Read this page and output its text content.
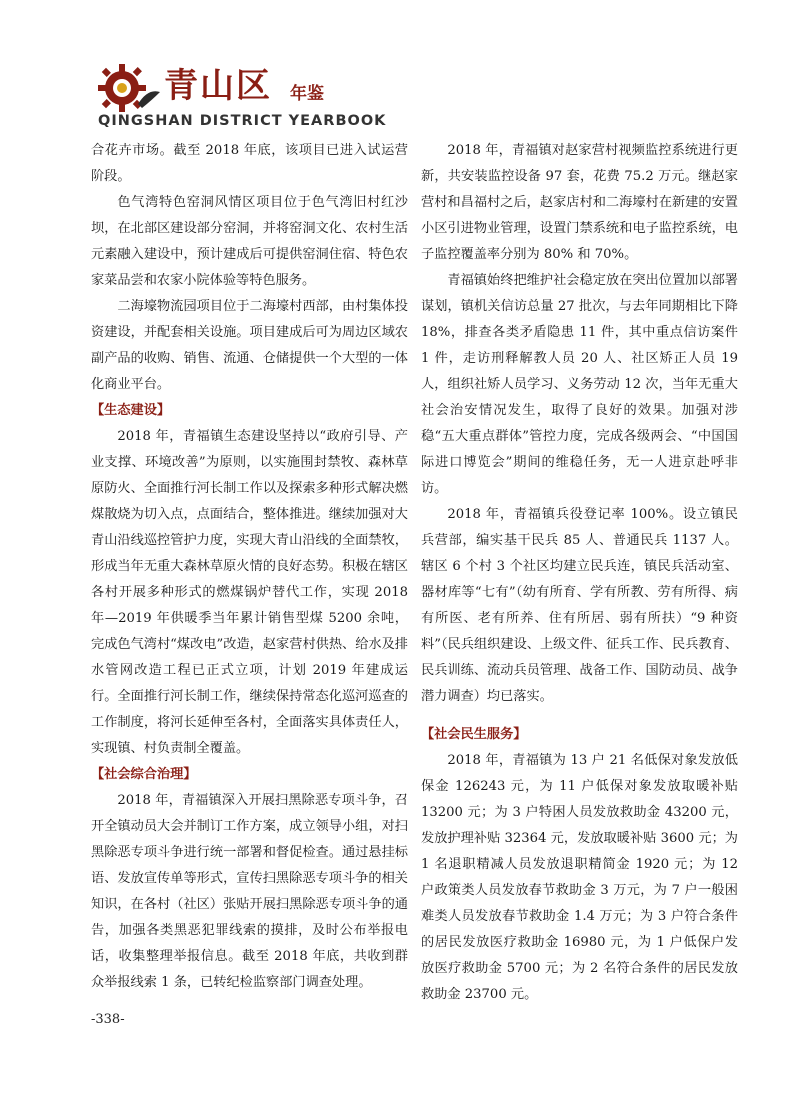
青山区 年鉴
QINGSHAN DISTRICT YEARBOOK

合花卉市场。截至 2018 年底，该项目已进入试运营阶段。

色气湾特色窑洞风情区项目位于色气湾旧村红沙坝，在北部区建设部分窑洞，并将窑洞文化、农村生活元素融入建设中，预计建成后可提供窑洞住宿、特色农家菜品尝和农家小院体验等特色服务。

二海壕物流园项目位于二海壕村西部，由村集体投资建设，并配套相关设施。项目建成后可为周边区域农副产品的收购、销售、流通、仓储提供一个大型的一体化商业平台。

【生态建设】

2018 年，青福镇生态建设坚持以“政府引导、产业支撑、环境改善”为原则，以实施围封禁牧、森林草原防火、全面推行河长制工作以及探索多种形式解决燃煤散烧为切入点，点面结合，整体推进。继续加强对大青山沿线巡控管护力度，实现大青山沿线的全面禁牧，形成当年无重大森林草原火情的良好态势。积极在辖区各村开展多种形式的燃煤锅炉替代工作，实现 2018 年—2019 年供暖季当年累计销售型煤 5200 余吨，完成色气湾村“煤改电”改造，赵家营村供热、给水及排水管网改造工程已正式立项，计划 2019 年建成运行。全面推行河长制工作，继续保持常态化巡河巡查的工作制度，将河长延伸至各村，全面落实具体责任人，实现镇、村负责制全覆盖。

【社会综合治理】

2018 年，青福镇深入开展扫黑除恶专项斗争，召开全镇动员大会并制订工作方案，成立领导小组，对扫黑除恶专项斗争进行统一部署和督促检查。通过悬挂标语、发放宣传单等形式，宣传扫黑除恶专项斗争的相关知识，在各村（社区）张贴开展扫黑除恶专项斗争的通告，加强各类黑恶犯罪线索的摸排，及时公布举报电话，收集整理举报信息。截至 2018 年底，共收到群众举报线索 1 条，已转纪检监察部门调查处理。

2018 年，青福镇对赵家营村视频监控系统进行更新，共安装监控设备 97 套，花费 75.2 万元。继赵家营村和昌福村之后，赵家店村和二海壕村在新建的安置小区引进物业管理，设置门禁系统和电子监控系统，电子监控覆盖率分别为 80% 和 70%。

青福镇始终把维护社会稳定放在突出位置加以部署谋划，镇机关信访总量 27 批次，与去年同期相比下降 18%，排查各类矛盾隐患 11 件，其中重点信访案件 1 件，走访刑释解教人员 20 人、社区矫正人员 19 人，组织社矫人员学习、义务劳动 12 次，当年无重大社会治安情况发生，取得了良好的效果。加强对涉稳“五大重点群体”管控力度，完成各级两会、“中国国际进口博览会”期间的维稳任务，无一人进京赴呼非访。

2018 年，青福镇兵役登记率 100%。设立镇民兵营部，编实基干民兵 85 人、普通民兵 1137 人。辖区 6 个村 3 个社区均建立民兵连，镇民兵活动室、器材库等“七有”（幼有所育、学有所教、劳有所得、病有所医、老有所养、住有所居、弱有所扶）“9 种资料”（民兵组织建设、上级文件、征兵工作、民兵教育、民兵训练、流动兵员管理、战备工作、国防动员、战争潜力调查）均已落实。

【社会民生服务】

2018 年，青福镇为 13 户 21 名低保对象发放低保金 126243 元，为 11 户低保对象发放取暖补贴 13200 元；为 3 户特困人员发放救助金 43200 元，发放护理补贴 32364 元，发放取暖补贴 3600 元；为 1 名退职精减人员发放退职精简金 1920 元；为 12 户政策类人员发放春节救助金 3 万元，为 7 户一般困难类人员发放春节救助金 1.4 万元；为 3 户符合条件的居民发放医疗救助金 16980 元，为 1 户低保户发放医疗救助金 5700 元；为 2 名符合条件的居民发放救助金 23700 元。

-338-
